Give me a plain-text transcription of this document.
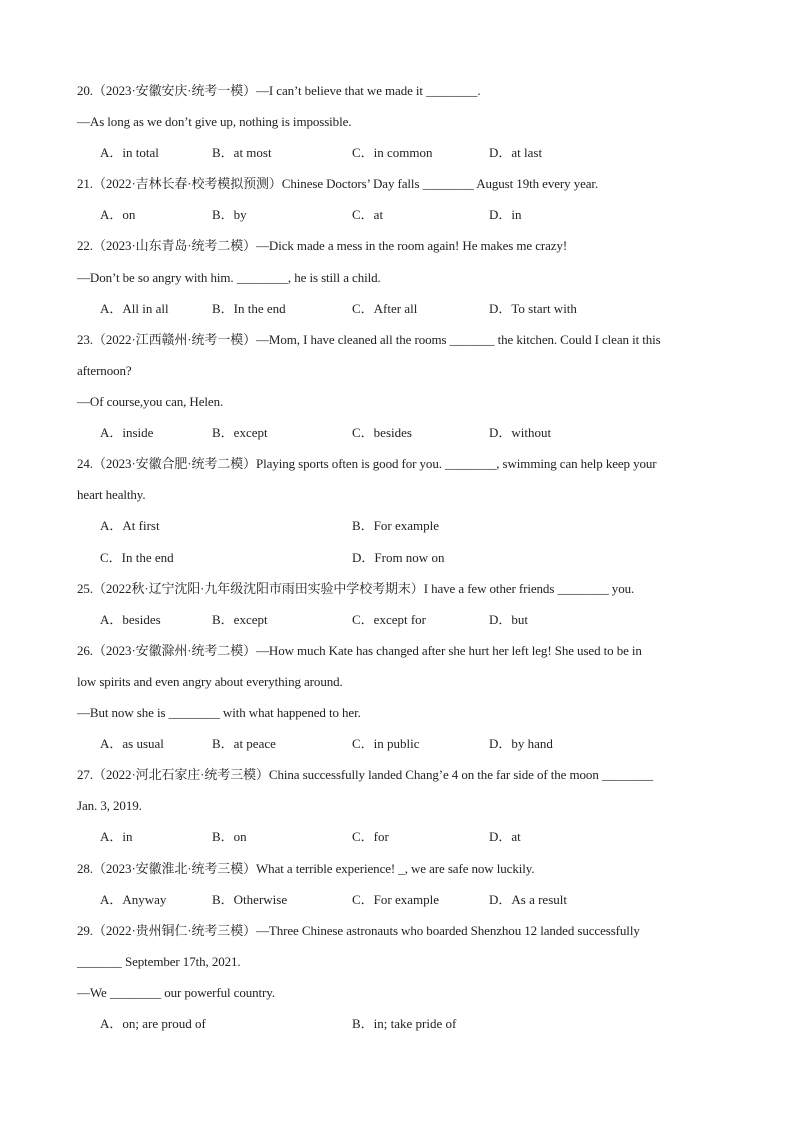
20.（2023·安徽安庆·统考一模）—I can’t believe that we made it ________.
—As long as we don’t give up, nothing is impossible.
A．in total	B．at most	C．in common	D．at last
21.（2022·吉林长春·校考模拟预测）Chinese Doctors’ Day falls ________ August 19th every year.
A．on	B．by	C．at	D．in
22.（2023·山东青岛·统考二模）—Dick made a mess in the room again! He makes me crazy!
—Don’t be so angry with him. ________, he is still a child.
A．All in all	B．In the end	C．After all	D．To start with
23.（2022·江西赣州·统考一模）—Mom, I have cleaned all the rooms _______ the kitchen. Could I clean it this
afternoon?
—Of course,you can, Helen.
A．inside	B．except	C．besides	D．without
24.（2023·安徽合肥·统考二模）Playing sports often is good for you. ________, swimming can help keep your
heart healthy.
A．At first	B．For example
C．In the end	D．From now on
25.（2022秋·辽宁沈阳·九年级沈阳市雨田实验中学校考期末）I have a few other friends ________ you.
A．besides	B．except	C．except for	D．but
26.（2023·安徽滁州·统考二模）—How much Kate has changed after she hurt her left leg! She used to be in
low spirits and even angry about everything around.
—But now she is ________ with what happened to her.
A．as usual	B．at peace	C．in public	D．by hand
27.（2022·河北石家庄·统考三模）China successfully landed Chang’e 4 on the far side of the moon ________
Jan. 3, 2019.
A．in	B．on	C．for	D．at
28.（2023·安徽淮北·统考三模）What a terrible experience! _, we are safe now luckily.
A．Anyway	B．Otherwise	C．For example	D．As a result
29.（2022·贵州铜仁·统考三模）—Three Chinese astronauts who boarded Shenzhou 12 landed successfully
_______ September 17th, 2021.
—We ________ our powerful country.
A．on; are proud of	B．in; take pride of
